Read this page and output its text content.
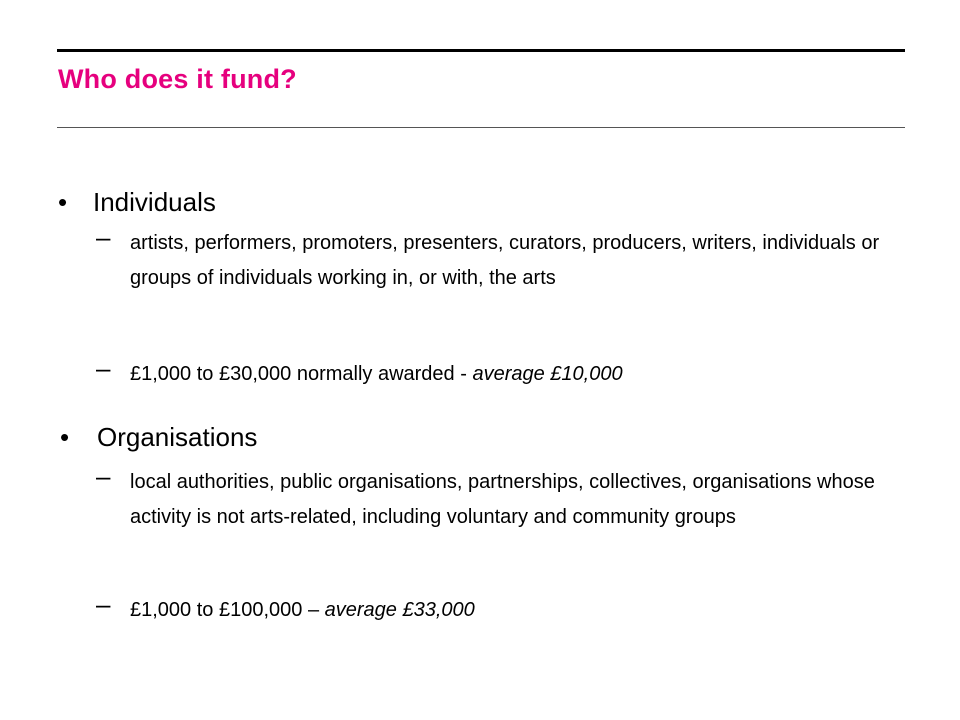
Who does it fund?
• Individuals
– artists, performers, promoters, presenters, curators, producers, writers, individuals or groups of individuals working in, or with, the arts
– £1,000 to £30,000 normally awarded - average £10,000
• Organisations
– local authorities, public organisations, partnerships, collectives, organisations whose activity is not arts-related, including voluntary and community groups
– £1,000 to £100,000 – average £33,000
